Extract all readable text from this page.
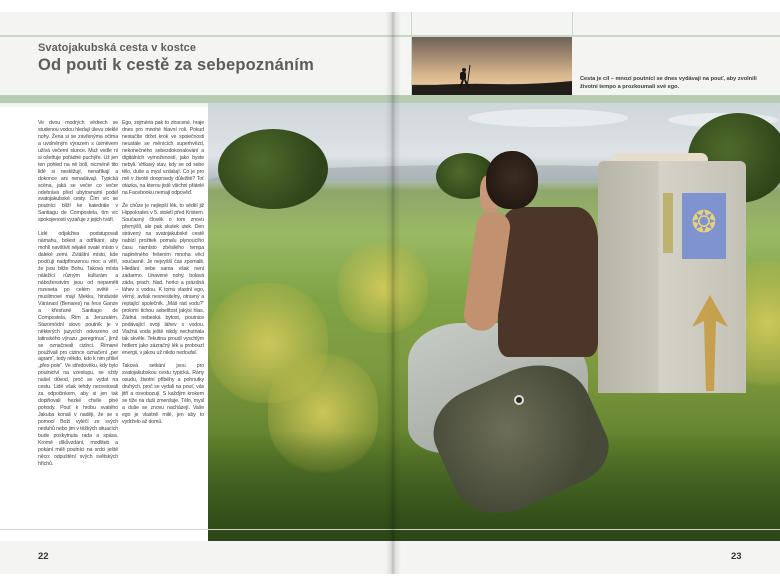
Svatojakubská cesta v kostce
Od pouti k cestě za sebepoznáním
Cesta je cíl – mnozí poutníci se dnes vydávají na pouť, aby zvolnili životní tempo a prozkoumali své ego.

Ve dvou modrých vědrech se studenou vodou hledají úlevu oteklé nohy. Žena si se zavřenýma očima a uvolněným výrazem s úsměvem užívá večerní slunce. Muž vedle ní si ošetřuje pořádné puchýře. Už jen ten pohled na ně bolí, nicméně tito lidé si nestěžují, nenaříkají a dokonce ani nenadávají. Typická scéna, jaká se večer co večer odehrává před ubytovnami podél svatojakubské cesty. Čím víc se poutníci blíží ke katedrále v Santiagu de Compostela, tím víc spokojenosti vyzařuje z jejich tváří.

Lidé odjakživa podstupovali námahu, bolest a odříkání, aby mohli navštívit nějaké svaté místo v daleké zemi. Zvláštní místo, kde pociťují nadpřirozenou moc a věří, že jsou blíže Bohu. Taková místa náležící různým kulturám a náboženstvím jsou od nepaměti rozeseta po celém světě – muslimové mají Mekku, hinduisté Váránasí (Benares) na řece Ganze a křesťané Santiago de Compostela, Řím a Jeruzalém. Staromódní slovo poutník je v některých jazycích odvozeno od latinského výrazu „peregrinus“, jímž se označovali cizinci. Římané používali pro cizince označení „per agram“, tedy někdo, kdo k nim přišel „přes pole“. Ve středověku, kdy bylo poutnictví na vzestupu, se vždy našel důvod, proč se vydat na cestu. Lidé však tehdy necestovali za odpočinkem, aby si jen tak doplňovali hezké chvíle plné pohody. Pouť k hrobu svatého Jakuba konali v naději, že se s pomocí Boží vyléčí ze svých neduhů nebo jim v těžkých situacích bude poskytnuta rada a spása. Kromě díkůvzdání, modliteb a pokání měli poutníci na srdci ještě něco: odpuštění svých světských hříchů.

Ego, zejména pak to ztracené, hraje dnes pro mnohé hlavní roli. Pokud nestačíte držet krok ve společnosti neustále se měnících superhvězd, nekonečného sebezdokonalování a digitálních vymožeností, jako byste nebyli. Vrtkavý stav, kdy se od sebe tělo, duše a mysl vzdalují. Co je pro mě v životě doopravdy důležité? Toť otázka, na kterou jistě všichni přátelé na Facebooku nemají odpověď.

Že chůze je nejlepší lék, to věděl již Hippokrates v 5. století před Kristem. Současný člověk o tom znovu přemýšlí, ale pak skutek utek. Den strávený na svatojakubské cestě nabízí prožitek pomalu plynoucího času namísto zběsilého tempa naplněného řešením mnoha věcí současně. Je nejvyšší čas zpomalit. Hledání sebe sama však není zadarmo. Unavené nohy, bolavá záda, prach, hlad, horko a prázdná láhev s vodou. K tomu vlastní ego, věrný, avšak nesnesitelný, otravný a reptající společník. „Máš rád vodu?“ prolomí tichou sebelítost jakýsi hlas. Žádná nebeská bytost, poutnice podávající svoji láhev s vodou. Vlažná voda ještě nikdy nechutnala tak skvěle. Tekutina proudí vyschlým hrdlem jako zázračný lék a probouzí energii, v jakou už nikdo nedoufal.

Taková setkání jsou pro svatojakubskou cestu typická. Rány osudu, životní příběhy a pohnutky druhých, proč se vydali na pouť, vás jitří a osvobozují. S každým krokem se tíže na duši zmenšuje. Tělo, mysl a duše se znovu nacházejí. Vaše ego je vlastně milé, jen aby to vydrželo až domů.

❂
22	23
